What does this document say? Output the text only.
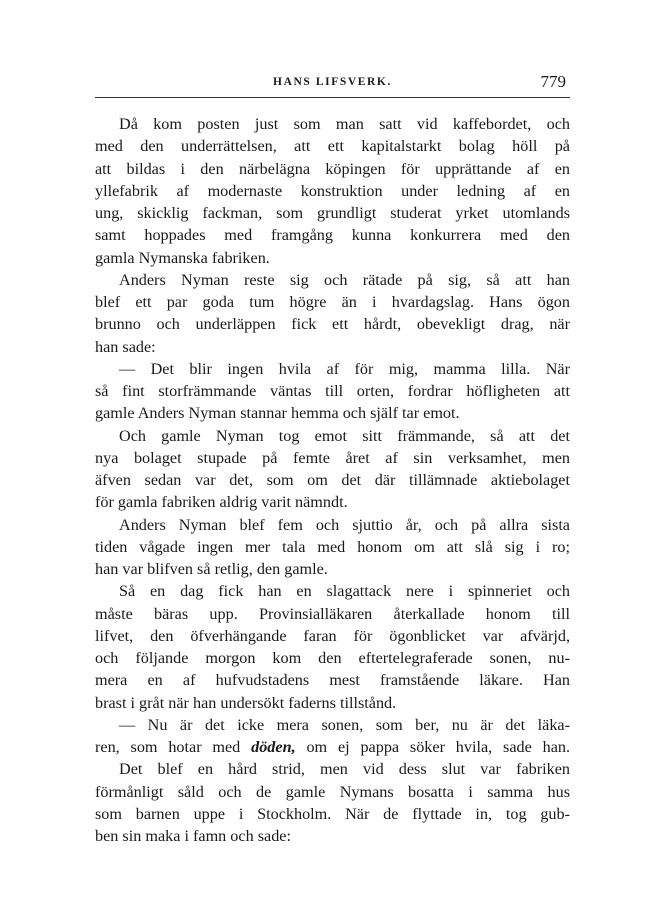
HANS LIFSVERK.	779
Då kom posten just som man satt vid kaffebordet, och
med den underrättelsen, att ett kapitalstarkt bolag höll på
att bildas i den närbelägna köpingen för upprättande af en
yllefabrik af modernaste konstruktion under ledning af en
ung, skicklig fackman, som grundligt studerat yrket utomlands
samt hoppades med framgång kunna konkurrera med den
gamla Nymanska fabriken.
Anders Nyman reste sig och rätade på sig, så att han
blef ett par goda tum högre än i hvardagslag. Hans ögon
brunno och underläppen fick ett hårdt, obevekligt drag, när
han sade:
— Det blir ingen hvila af för mig, mamma lilla. När
så fint storfrämmande väntas till orten, fordrar höfligheten att
gamle Anders Nyman stannar hemma och själf tar emot.
Och gamle Nyman tog emot sitt främmande, så att det
nya bolaget stupade på femte året af sin verksamhet, men
äfven sedan var det, som om det där tillämnade aktiebolaget
för gamla fabriken aldrig varit nämndt.
Anders Nyman blef fem och sjuttio år, och på allra sista
tiden vågade ingen mer tala med honom om att slå sig i ro;
han var blifven så retlig, den gamle.
Så en dag fick han en slagattack nere i spinneriet och
måste bäras upp. Provinsialläkaren återkallade honom till
lifvet, den öfverhängande faran för ögonblicket var afvärjd,
och följande morgon kom den eftertelegraferade sonen, nu-
mera en af hufvudstadens mest framstående läkare. Han
brast i gråt när han undersökt faderns tillstånd.
— Nu är det icke mera sonen, som ber, nu är det läka-
ren, som hotar med döden, om ej pappa söker hvila, sade han.
Det blef en hård strid, men vid dess slut var fabriken
förmånligt såld och de gamle Nymans bosatta i samma hus
som barnen uppe i Stockholm. När de flyttade in, tog gub-
ben sin maka i famn och sade:
